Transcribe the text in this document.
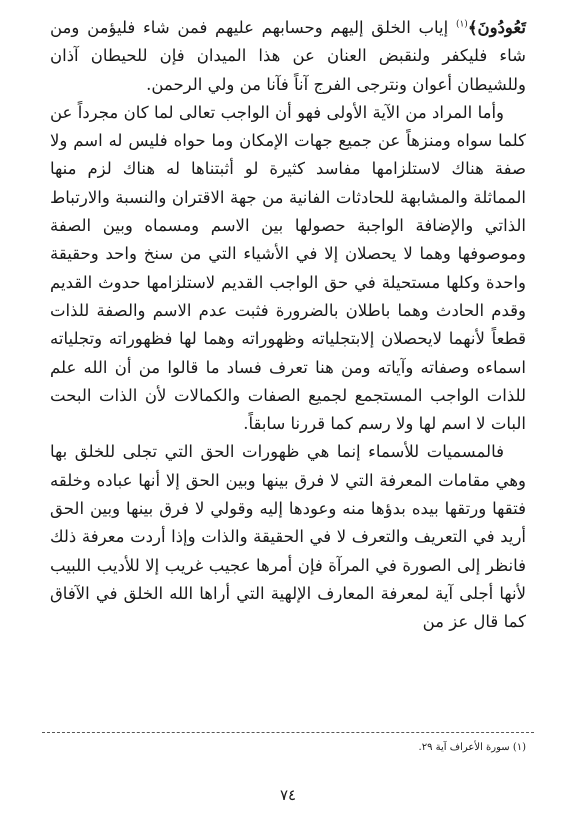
تَعُودُونَ﴾$^{(١)}$ إياب الخلق إليهم وحسابهم عليهم فمن شاء فليؤمن ومن شاء فليكفر ولنقبض العنان عن هذا الميدان فإن للحيطان آذان وللشيطان أعوان ونترجى الفرج آناً فآنا من ولي الرحمن.

وأما المراد من الآية الأولى فهو أن الواجب تعالى لما كان مجرداً عن كلما سواه ومنزهاً عن جميع جهات الإمكان وما حواه فليس له اسم ولا صفة هناك لاستلزامها مفاسد كثيرة لو أثبتناها له هناك لزم منها المماثلة والمشابهة للحادثات الفانية من جهة الاقتران والنسبة والارتباط الذاتي والإضافة الواجبة حصولها بين الاسم ومسماه وبين الصفة وموصوفها وهما لا يحصلان إلا في الأشياء التي من سنخ واحد وحقيقة واحدة وكلها مستحيلة في حق الواجب القديم لاستلزامها حدوث القديم وقدم الحادث وهما باطلان بالضرورة فثبت عدم الاسم والصفة للذات قطعاً لأنهما لايحصلان إلابتجلياته وظهوراته وهما لها فظهوراته وتجلياته اسماءه وصفاته وآياته ومن هنا تعرف فساد ما قالوا من أن الله علم للذات الواجب المستجمع لجميع الصفات والكمالات لأن الذات البحت البات لا اسم لها ولا رسم كما قررنا سابقاً.

فالمسميات للأسماء إنما هي ظهورات الحق التي تجلى للخلق بها وهي مقامات المعرفة التي لا فرق بينها وبين الحق إلا أنها عباده وخلقه فتقها ورتقها بيده بدؤها منه وعودها إليه وقولي لا فرق بينها وبين الحق أريد في التعريف والتعرف لا في الحقيقة والذات وإذا أردت معرفة ذلك فانظر إلى الصورة في المرآة فإن أمرها عجيب غريب إلا للأديب اللبيب لأنها أجلى آية لمعرفة المعارف الإلهية التي أراها الله الخلق في الآفاق كما قال عز من

(١) سورة الأعراف آية ٢٩.
٧٤
